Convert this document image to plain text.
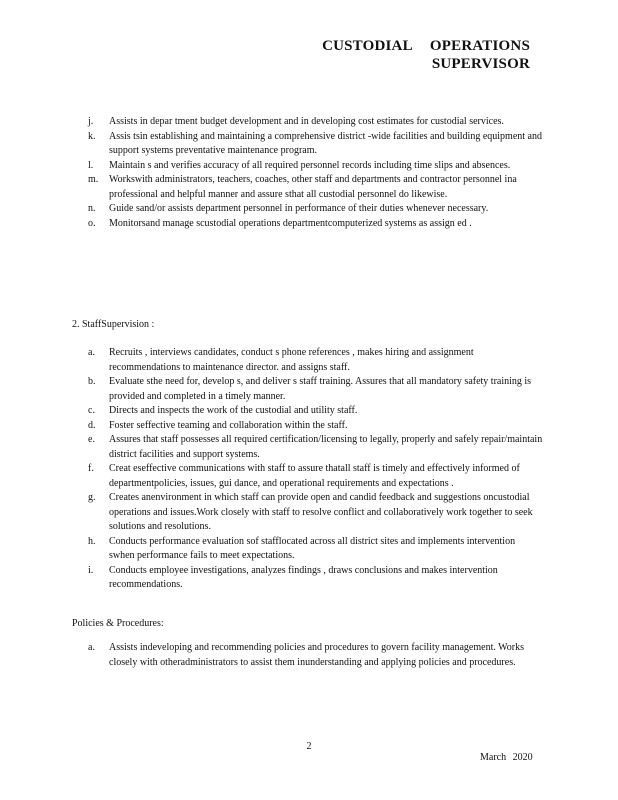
CUSTODIAL OPERATIONS
SUPERVISOR
j. Assists in depar tment budget development and in developing cost estimates for custodial services.
k. Assis tsin establishing and maintaining a comprehensive district -wide facilities and building equipment and support systems preventative maintenance program.
l. Maintain s and verifies accuracy of all required personnel records including time slips and absences.
m. Workswith administrators, teachers, coaches, other staff and departments and contractor personnel ina professional and helpful manner and assure sthat all custodial personnel do likewise.
n. Guide sand/or assists department personnel in performance of their duties whenever necessary.
o. Monitorsand manage scustodial operations departmentcomputerized systems as assign ed .
2. StaffSupervision :
a. Recruits , interviews candidates, conduct s phone references , makes hiring and assignment recommendations to maintenance director. and assigns staff.
b. Evaluate sthe need for, develop s, and deliver s staff training. Assures that all mandatory safety training is provided and completed in a timely manner.
c. Directs and inspects the work of the custodial and utility staff.
d. Foster seffective teaming and collaboration within the staff.
e. Assures that staff possesses all required certification/licensing to legally, properly and safely repair/maintain district facilities and support systems.
f. Creat eseffective communications with staff to assure thatall staff is timely and effectively informed of departmentpolicies, issues, gui dance, and operational requirements and expectations .
g. Creates anenvironment in which staff can provide open and candid feedback and suggestions oncustodial operations and issues.Work closely with staff to resolve conflict and collaboratively work together to seek solutions and resolutions.
h. Conducts performance evaluation sof stafflocated across all district sites and implements intervention swhen performance fails to meet expectations.
i. Conducts employee investigations, analyzes findings , draws conclusions and makes intervention recommendations.
Policies & Procedures:
a. Assists indeveloping and recommending policies and procedures to govern facility management. Works closely with otheradministrators to assist them inunderstanding and applying policies and procedures.
2
March 2020
